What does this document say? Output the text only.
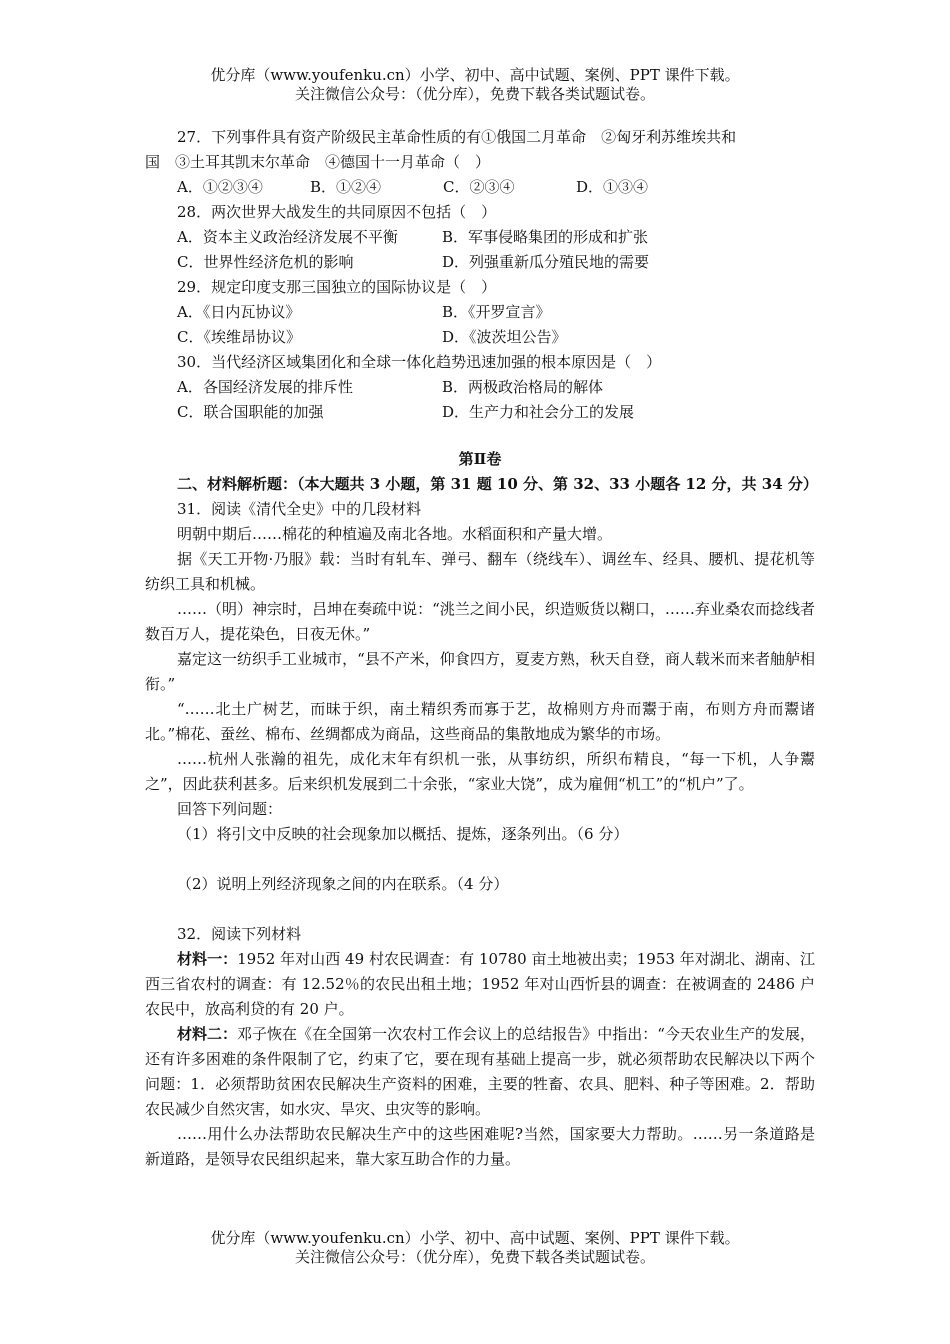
优分库（www.youfenku.cn）小学、初中、高中试题、案例、PPT 课件下载。
关注微信公众号：（优分库），免费下载各类试题试卷。
27．下列事件具有资产阶级民主革命性质的有①俄国二月革命　②匈牙利苏维埃共和
国　③土耳其凯末尔革命　④德国十一月革命（　）
A．①②③④	B．①②④	C．②③④	D．①③④
28．两次世界大战发生的共同原因不包括（　）
A．资本主义政治经济发展不平衡	B．军事侵略集团的形成和扩张
C．世界性经济危机的影响	D．列强重新瓜分殖民地的需要
29．规定印度支那三国独立的国际协议是（　）
A．《日内瓦协议》	B．《开罗宣言》
C．《埃维昂协议》	D．《波茨坦公告》
30．当代经济区域集团化和全球一体化趋势迅速加强的根本原因是（　）
A．各国经济发展的排斥性	B．两极政治格局的解体
C．联合国职能的加强	D．生产力和社会分工的发展
第Ⅱ卷
二、材料解析题：（本大题共 3 小题，第 31 题 10 分、第 32、33 小题各 12 分，共 34 分）
31．阅读《清代全史》中的几段材料
明朝中期后……棉花的种植遍及南北各地。水稻面积和产量大增。
据《天工开物·乃服》载：当时有轧车、弹弓、翻车（绕线车）、调丝车、经具、腰机、提花机等纺织工具和机械。
……（明）神宗时，吕坤在奏疏中说：“洮兰之间小民，织造贩货以糊口，……弃业桑农而捻线者数百万人，提花染色，日夜无休。”
嘉定这一纺织手工业城市，“县不产米，仰食四方，夏麦方熟，秋天自登，商人载米而来者舳舻相衔。”
“……北土广树艺，而昧于织，南土精织秀而寡于艺，故棉则方舟而鬻于南，布则方舟而鬻诸北。”棉花、蚕丝、棉布、丝绸都成为商品，这些商品的集散地成为繁华的市场。
……杭州人张瀚的祖先，成化末年有织机一张，从事纺织，所织布精良，“每一下机，人争鬻之”，因此获利甚多。后来织机发展到二十余张，“家业大饶”，成为雇佣“机工”的“机户”了。
回答下列问题：
（1）将引文中反映的社会现象加以概括、提炼，逐条列出。（6 分）
（2）说明上列经济现象之间的内在联系。（4 分）
32．阅读下列材料
材料一：1952 年对山西 49 村农民调查：有 10780 亩土地被出卖；1953 年对湖北、湖南、江西三省农村的调查：有 12.52％的农民出租土地；1952 年对山西忻县的调查：在被调查的 2486 户农民中，放高利贷的有 20 户。
材料二：邓子恢在《在全国第一次农村工作会议上的总结报告》中指出：“今天农业生产的发展，还有许多困难的条件限制了它，约束了它，要在现有基础上提高一步，就必须帮助农民解决以下两个问题：1．必须帮助贫困农民解决生产资料的困难，主要的牲畜、农具、肥料、种子等困难。2．帮助农民减少自然灾害，如水灾、旱灾、虫灾等的影响。
……用什么办法帮助农民解决生产中的这些困难呢?当然，国家要大力帮助。……另一条道路是新道路，是领导农民组织起来，靠大家互助合作的力量。
优分库（www.youfenku.cn）小学、初中、高中试题、案例、PPT 课件下载。
关注微信公众号：（优分库），免费下载各类试题试卷。
